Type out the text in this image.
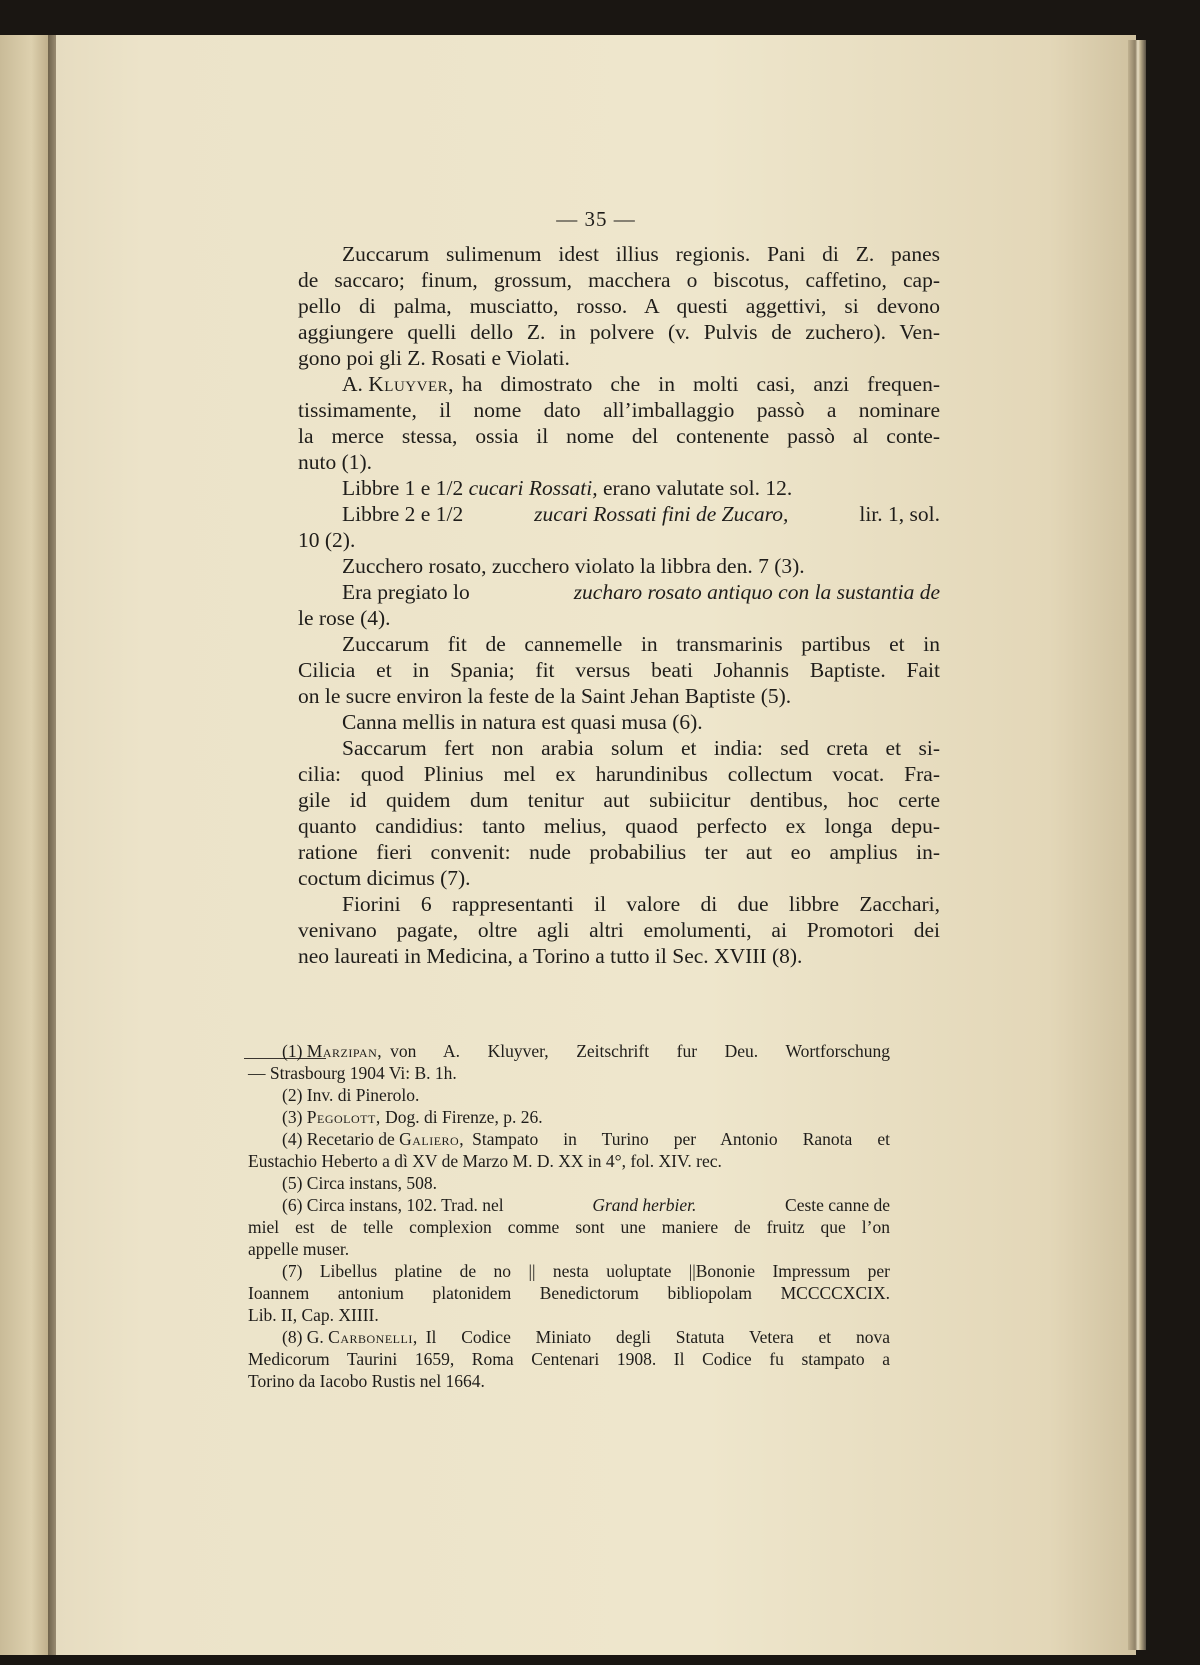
— 35 —
Zuccarum sulimenum idest illius regionis. Pani di Z. panes
de saccaro; finum, grossum, macchera o biscotus, caffetino, cap-
pello di palma, musciatto, rosso. A questi aggettivi, si devono
aggiungere quelli dello Z. in polvere (v. Pulvis de zuchero). Ven-
gono poi gli Z. Rosati e Violati.
A. Kluyver, ha dimostrato che in molti casi, anzi frequen-
tissimamente, il nome dato all’imballaggio passò a nominare
la merce stessa, ossia il nome del contenente passò al conte-
nuto (1).
Libbre 1 e 1/2 cucari Rossati, erano valutate sol. 12.
Libbre 2 e 1/2	zucari Rossati fini de Zucaro,	lir. 1, sol.
10 (2).
Zucchero rosato, zucchero violato la libbra den. 7 (3).
Era pregiato lo	zucharo rosato antiquo con la sustantia de
le rose (4).
Zuccarum fit de cannemelle in transmarinis partibus et in
Cilicia et in Spania; fit versus beati Johannis Baptiste. Fait
on le sucre environ la feste de la Saint Jehan Baptiste (5).
Canna mellis in natura est quasi musa (6).
Saccarum fert non arabia solum et india: sed creta et si-
cilia: quod Plinius mel ex harundinibus collectum vocat. Fra-
gile id quidem dum tenitur aut subiicitur dentibus, hoc certe
quanto candidius: tanto melius, quaod perfecto ex longa depu-
ratione fieri convenit: nude probabilius ter aut eo amplius in-
coctum dicimus (7).
Fiorini 6 rappresentanti il valore di due libbre Zacchari,
venivano pagate, oltre agli altri emolumenti, ai Promotori dei
neo laureati in Medicina, a Torino a tutto il Sec. XVIII (8).
(1) Marzipan, von A. Kluyver, Zeitschrift fur Deu. Wortforschung
— Strasbourg 1904 Vi: B. 1h.
(2) Inv. di Pinerolo.
(3) Pegolott, Dog. di Firenze, p. 26.
(4) Recetario de Galiero, Stampato in Turino per Antonio Ranota et
Eustachio Heberto a dì XV de Marzo M. D. XX in 4°, fol. XIV. rec.
(5) Circa instans, 508.
(6) Circa instans, 102. Trad. nel	Grand herbier.	Ceste canne de
miel est de telle complexion comme sont une maniere de fruitz que l’on
appelle muser.
(7) Libellus platine de no || nesta uoluptate ||Bononie Impressum per
Ioannem antonium platonidem Benedictorum bibliopolam MCCCCXCIX.
Lib. II, Cap. XIIII.
(8) G. Carbonelli, Il Codice Miniato degli Statuta Vetera et nova
Medicorum Taurini 1659, Roma Centenari 1908. Il Codice fu stampato a
Torino da Iacobo Rustis nel 1664.
